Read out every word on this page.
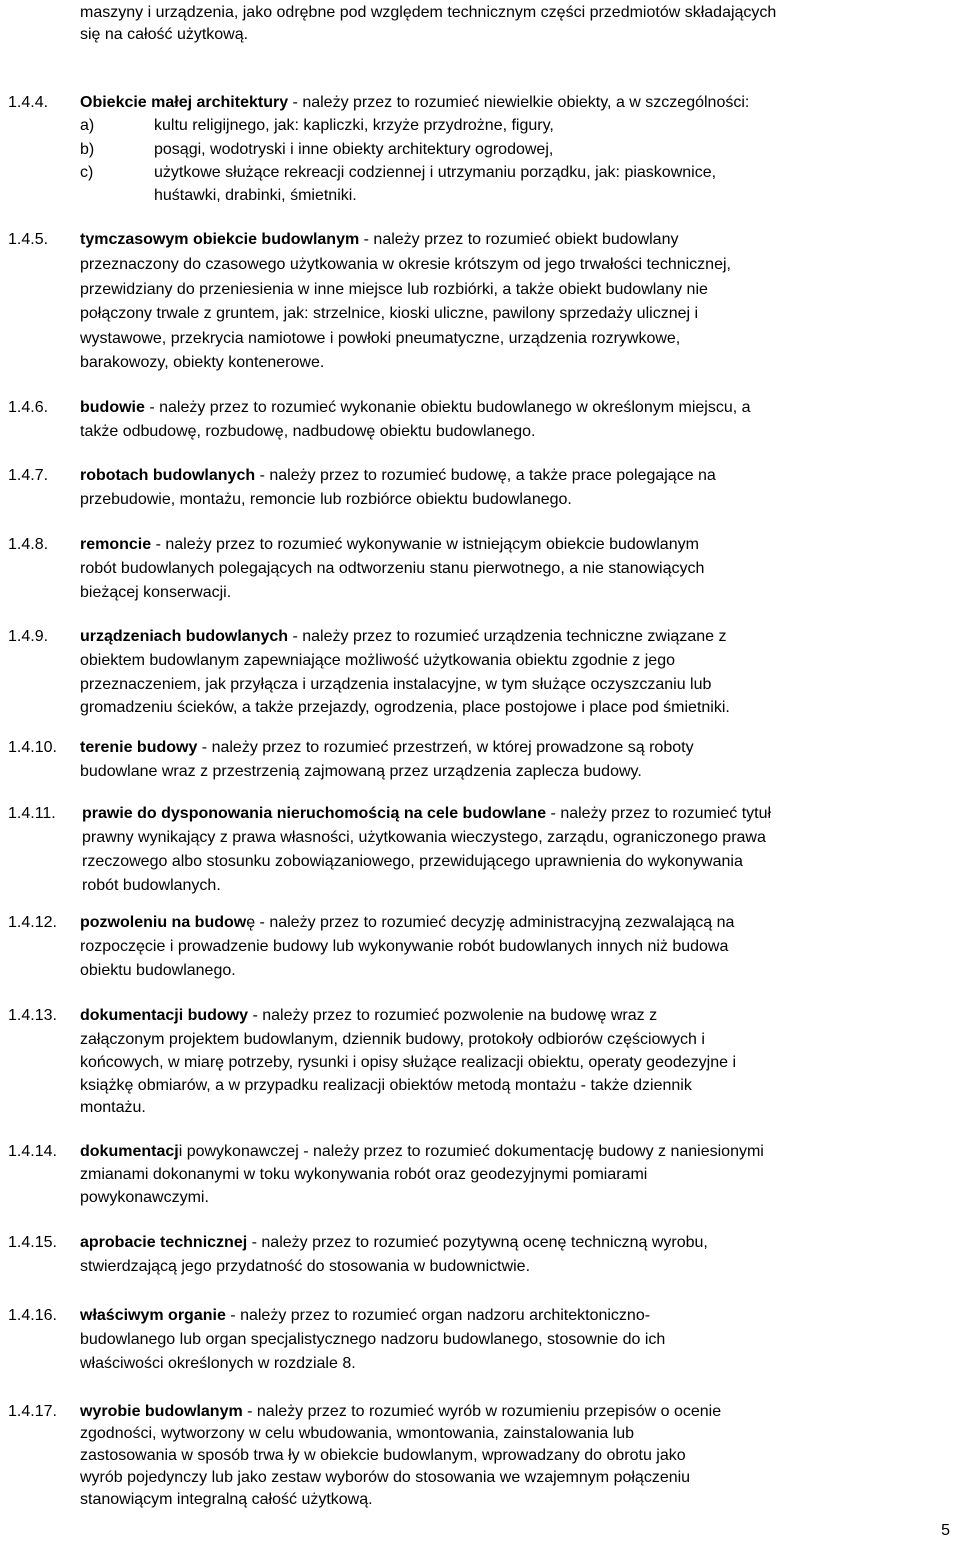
maszyny i urządzenia, jako odrębne pod względem technicznym części przedmiotów składających
się na całość użytkową.
1.4.4. Obiekcie małej architektury - należy przez to rozumieć niewielkie obiekty, a w szczególności:
a)	kultu religijnego, jak: kapliczki, krzyże przydrożne, figury,
b)	posągi, wodotryski i inne obiekty architektury ogrodowej,
c)	użytkowe służące rekreacji codziennej i utrzymaniu porządku, jak: piaskownice,
huśtawki, drabinki, śmietniki.
1.4.5. tymczasowym obiekcie budowlanym - należy przez to rozumieć obiekt budowlany
przeznaczony do czasowego użytkowania w okresie krótszym od jego trwałości technicznej,
przewidziany do przeniesienia w inne miejsce lub rozbiórki, a także obiekt budowlany nie
połączony trwale z gruntem, jak: strzelnice, kioski uliczne, pawilony sprzedaży ulicznej i
wystawowe, przekrycia namiotowe i powłoki pneumatyczne, urządzenia rozrywkowe,
barakowozy, obiekty kontenerowe.
1.4.6. budowie - należy przez to rozumieć wykonanie obiektu budowlanego w określonym miejscu, a
także odbudowę, rozbudowę, nadbudowę obiektu budowlanego.
1.4.7. robotach budowlanych - należy przez to rozumieć budowę, a także prace polegające na
przebudowie, montażu, remoncie lub rozbiórce obiektu budowlanego.
1.4.8. remoncie - należy przez to rozumieć wykonywanie w istniejącym obiekcie budowlanym
robót budowlanych polegających na odtworzeniu stanu pierwotnego, a nie stanowiących
bieżącej konserwacji.
1.4.9. urządzeniach budowlanych - należy przez to rozumieć urządzenia techniczne związane z
obiektem budowlanym zapewniające możliwość użytkowania obiektu zgodnie z jego
przeznaczeniem, jak przyłącza i urządzenia instalacyjne, w tym służące oczyszczaniu lub
gromadzeniu ścieków, a także przejazdy, ogrodzenia, place postojowe i place pod śmietniki.
1.4.10. terenie budowy - należy przez to rozumieć przestrzeń, w której prowadzone są roboty
budowlane wraz z przestrzenią zajmowaną przez urządzenia zaplecza budowy.
1.4.11. prawie do dysponowania nieruchomością na cele budowlane - należy przez to rozumieć tytuł
prawny wynikający z prawa własności, użytkowania wieczystego, zarządu, ograniczonego prawa
rzeczowego albo stosunku zobowiązaniowego, przewidującego uprawnienia do wykonywania
robót budowlanych.
1.4.12. pozwoleniu na budowę - należy przez to rozumieć decyzję administracyjną zezwalającą na
rozpoczęcie i prowadzenie budowy lub wykonywanie robót budowlanych innych niż budowa
obiektu budowlanego.
1.4.13. dokumentacji budowy - należy przez to rozumieć pozwolenie na budowę wraz z
załączonym projektem budowlanym, dziennik budowy, protokoły odbiorów częściowych i
końcowych, w miarę potrzeby, rysunki i opisy służące realizacji obiektu, operaty geodezyjne i
książkę obmiarów, a w przypadku realizacji obiektów metodą montażu - także dziennik
montażu.
1.4.14. dokumentacji powykonawczej - należy przez to rozumieć dokumentację budowy z naniesionymi
zmianami dokonanymi w toku wykonywania robót oraz geodezyjnymi pomiarami
powykonawczymi.
1.4.15. aprobacie technicznej - należy przez to rozumieć pozytywną ocenę techniczną wyrobu,
stwierdzającą jego przydatność do stosowania w budownictwie.
1.4.16. właściwym organie - należy przez to rozumieć organ nadzoru architektoniczno-
budowlanego lub organ specjalistycznego nadzoru budowlanego, stosownie do ich
właściwości określonych w rozdziale 8.
1.4.17. wyrobie budowlanym - należy przez to rozumieć wyrób w rozumieniu przepisów o ocenie
zgodności, wytworzony w celu wbudowania, wmontowania, zainstalowania lub
zastosowania w sposób trwa ły w obiekcie budowlanym, wprowadzany do obrotu jako
wyrób pojedynczy lub jako zestaw wyborów do stosowania we wzajemnym połączeniu
stanowiącym integralną całość użytkową.
5
